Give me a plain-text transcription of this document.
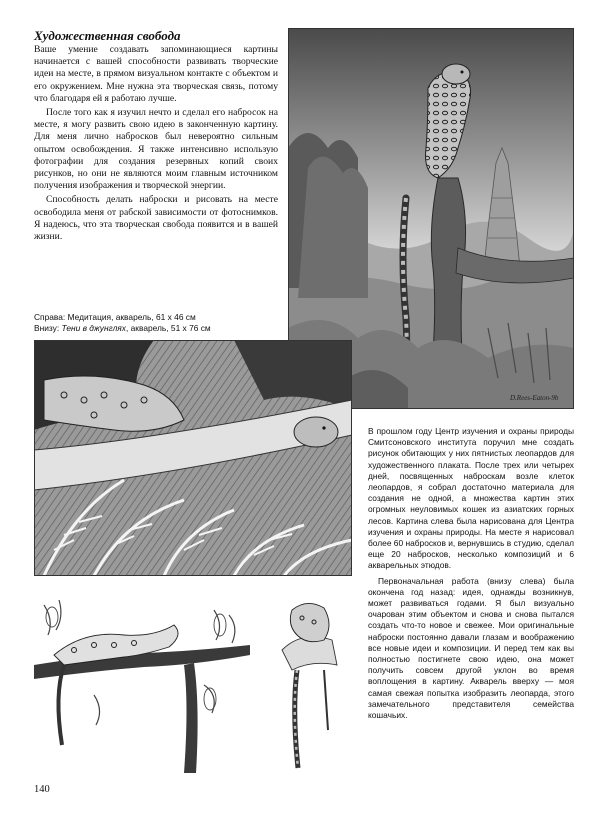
Художественная свобода

Ваше умение создавать запоминающиеся картины начинается с вашей способности развивать творческие идеи на месте, в прямом визуальном контакте с объектом и его окружением. Мне нужна эта творческая связь, потому что благодаря ей я работаю лучше.

После того как я изучил нечто и сделал его набросок на месте, я могу развить свою идею в законченную картину. Для меня лично набросков был невероятно сильным опытом освобождения. Я также интенсивно использую фотографии для создания резервных копий своих рисунков, но они не являются моим главным источником получения изображения и творческой энергии.

Способность делать наброски и рисовать на месте освободила меня от рабской зависимости от фотоснимков. Я надеюсь, что эта творческая свобода появится и в вашей жизни.

D.Rees-Eaton-9b
Справа: Медитация, акварель, 61 х 46 см
Внизу: Тени в джунглях, акварель, 51 х 76 см

В прошлом году Центр изучения и охраны природы Смитсоновского института поручил мне создать рисунок обитающих у них пятнистых леопардов для художественного плаката. После трех или четырех дней, посвященных наброскам возле клеток леопардов, я собрал достаточно материала для создания не одной, а множества картин этих огромных неуловимых кошек из азиатских горных лесов. Картина слева была нарисована для Центра изучения и охраны природы. На месте я нарисовал более 60 набросков и, вернувшись в студию, сделал еще 20 набросков, несколько композиций и 6 акварельных этюдов.

Первоначальная работа (внизу слева) была окончена год назад: идея, однажды возникнув, может развиваться годами. Я был визуально очарован этим объектом и снова и снова пытался создать что-то новое и свежее. Мои оригинальные наброски постоянно давали глазам и воображению все новые идеи и композиции. И перед тем как вы полностью постигнете свою идею, она может получить совсем другой уклон во время воплощения в картину. Акварель вверху — моя самая свежая попытка изобразить леопарда, этого замечательного представителя семейства кошачьих.

140
